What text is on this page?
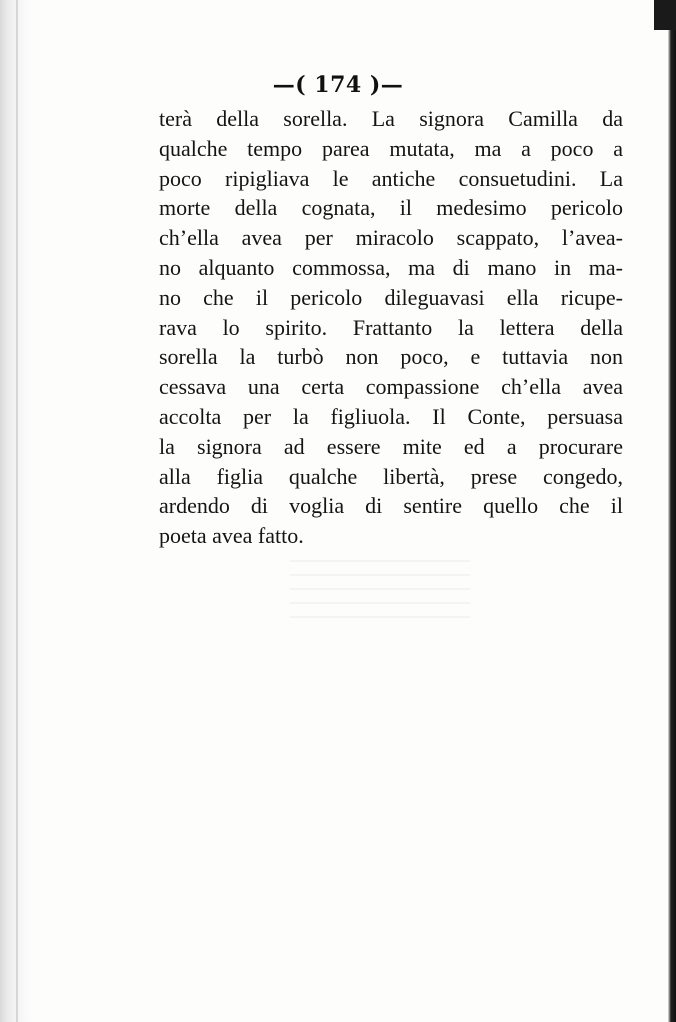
—( 174 )—
terà della sorella. La signora Camilla da
qualche tempo parea mutata, ma a poco a
poco ripigliava le antiche consuetudini. La
morte della cognata, il medesimo pericolo
ch’ella avea per miracolo scappato, l’avea-
no alquanto commossa, ma di mano in ma-
no che il pericolo dileguavasi ella ricupe-
rava lo spirito. Frattanto la lettera della
sorella la turbò non poco, e tuttavia non
cessava una certa compassione ch’ella avea
accolta per la figliuola. Il Conte, persuasa
la signora ad essere mite ed a procurare
alla figlia qualche libertà, prese congedo,
ardendo di voglia di sentire quello che il
poeta avea fatto.
